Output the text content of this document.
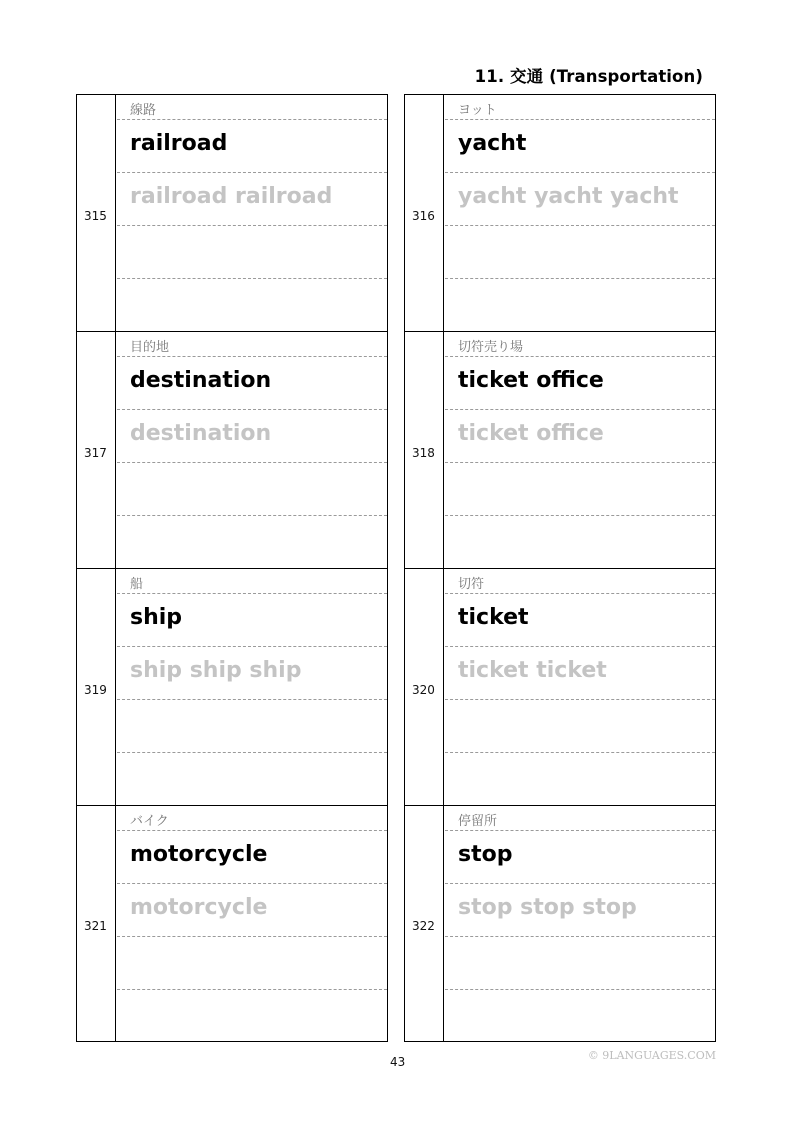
11. 交通 (Transportation)
315
線路
railroad
railroad railroad
317
目的地
destination
destination
319
船
ship
ship ship ship
321
バイク
motorcycle
motorcycle
316
ヨット
yacht
yacht yacht yacht
318
切符売り場
ticket office
ticket office
320
切符
ticket
ticket ticket
322
停留所
stop
stop stop stop
43	© 9LANGUAGES.COM
